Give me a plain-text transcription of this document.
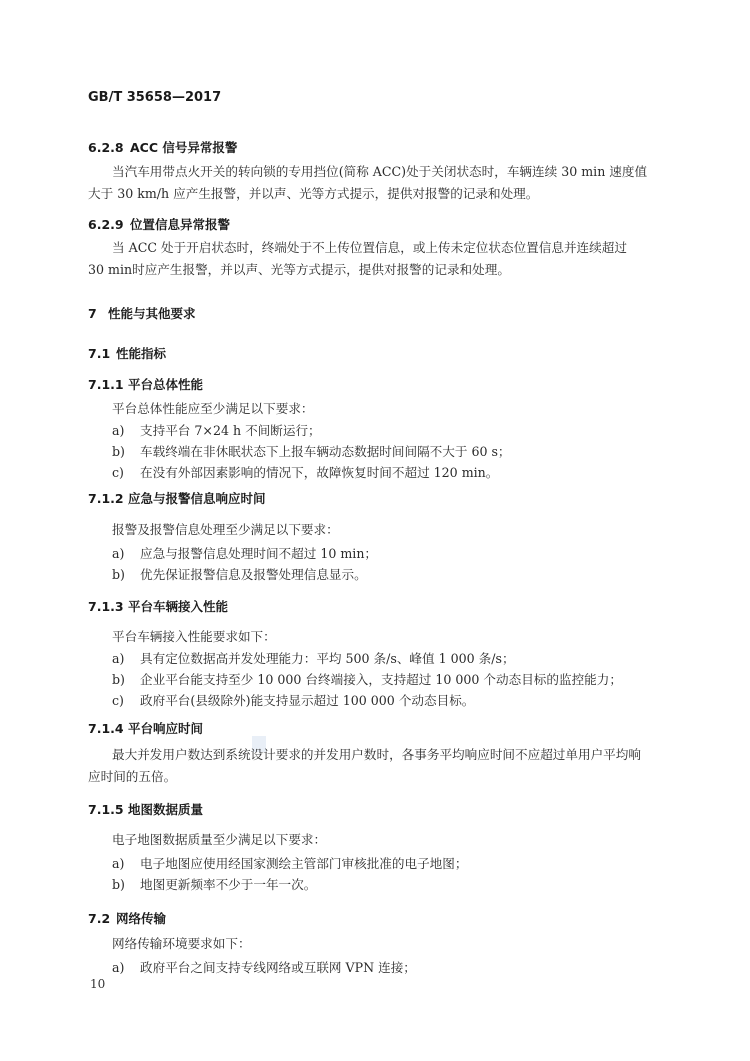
GB/T 35658—2017
6.2.8 ACC 信号异常报警
当汽车用带点火开关的转向锁的专用挡位(简称 ACC)处于关闭状态时，车辆连续 30 min 速度值
大于 30 km/h 应产生报警，并以声、光等方式提示，提供对报警的记录和处理。
6.2.9 位置信息异常报警
当 ACC 处于开启状态时，终端处于不上传位置信息，或上传未定位状态位置信息并连续超过
30 min时应产生报警，并以声、光等方式提示，提供对报警的记录和处理。
7 性能与其他要求
7.1 性能指标
7.1.1 平台总体性能
平台总体性能应至少满足以下要求：
a) 支持平台 7×24 h 不间断运行；
b) 车载终端在非休眠状态下上报车辆动态数据时间间隔不大于 60 s；
c) 在没有外部因素影响的情况下，故障恢复时间不超过 120 min。
7.1.2 应急与报警信息响应时间
报警及报警信息处理至少满足以下要求：
a) 应急与报警信息处理时间不超过 10 min；
b) 优先保证报警信息及报警处理信息显示。
7.1.3 平台车辆接入性能
平台车辆接入性能要求如下：
a) 具有定位数据高并发处理能力：平均 500 条/s、峰值 1 000 条/s；
b) 企业平台能支持至少 10 000 台终端接入，支持超过 10 000 个动态目标的监控能力；
c) 政府平台(县级除外)能支持显示超过 100 000 个动态目标。
7.1.4 平台响应时间
最大并发用户数达到系统设计要求的并发用户数时，各事务平均响应时间不应超过单用户平均响
应时间的五倍。
7.1.5 地图数据质量
电子地图数据质量至少满足以下要求：
a) 电子地图应使用经国家测绘主管部门审核批准的电子地图；
b) 地图更新频率不少于一年一次。
7.2 网络传输
网络传输环境要求如下：
a) 政府平台之间支持专线网络或互联网 VPN 连接；
10
